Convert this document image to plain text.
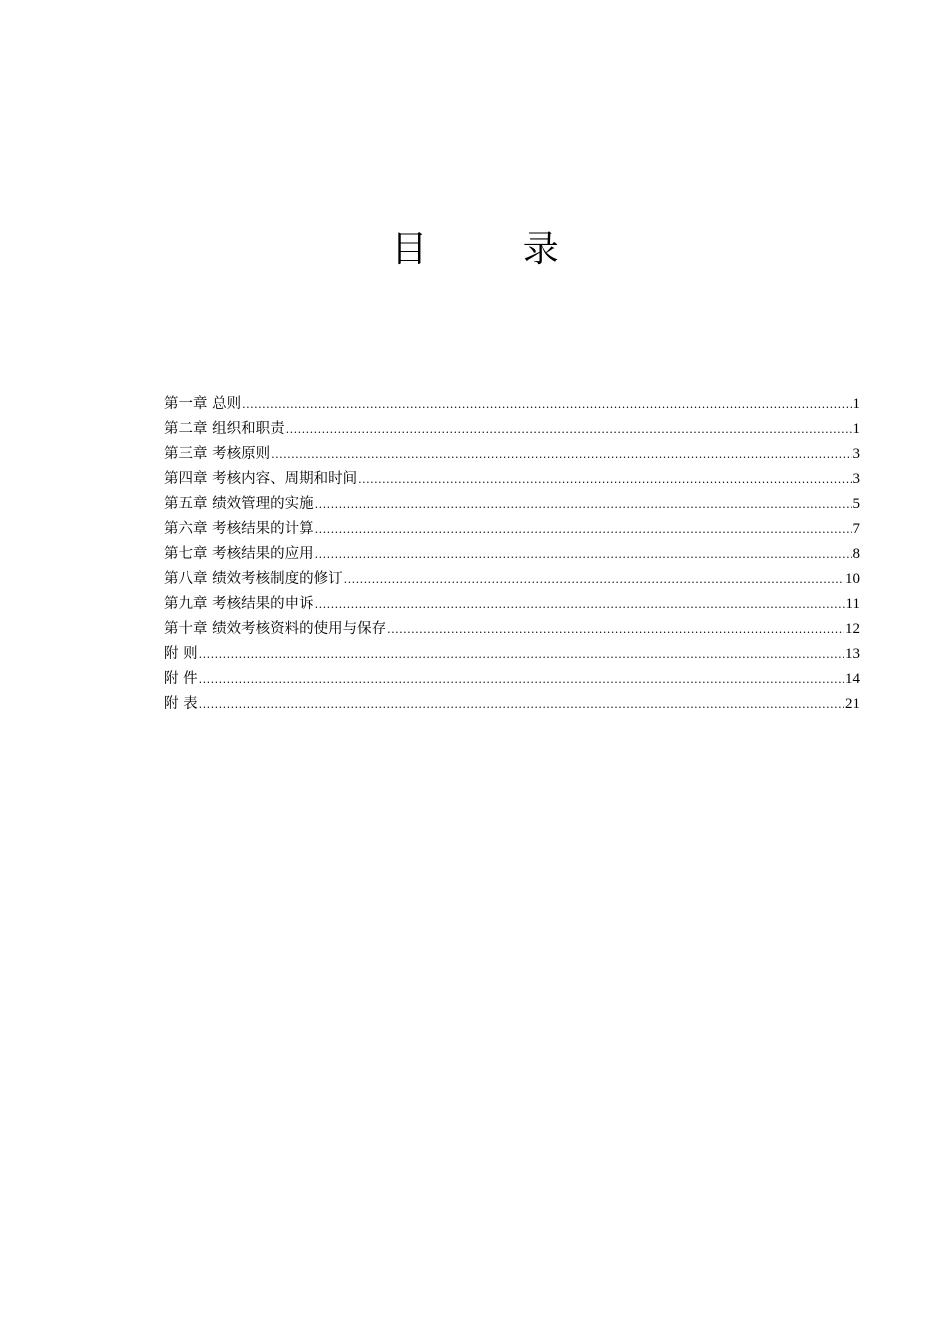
目 录
第一章 总则 .....	1
第二章 组织和职责 .....	1
第三章 考核原则 .....	3
第四章 考核内容、周期和时间 .....	3
第五章 绩效管理的实施 .....	5
第六章 考核结果的计算 .....	7
第七章 考核结果的应用 .....	8
第八章 绩效考核制度的修订 .....	10
第九章 考核结果的申诉 .....	11
第十章 绩效考核资料的使用与保存 .....	12
附 则 .....	13
附 件 .....	14
附 表 .....	21
